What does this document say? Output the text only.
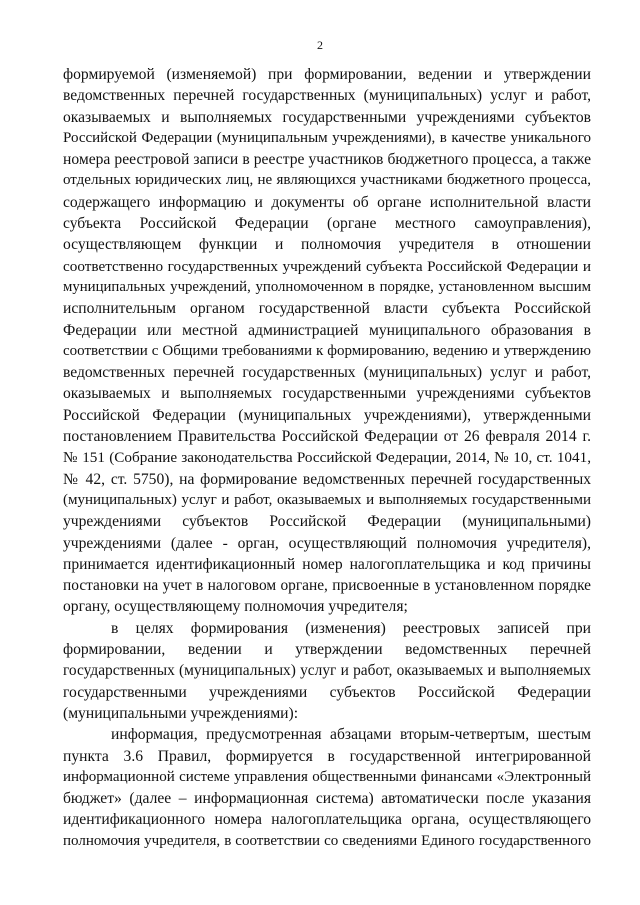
2

формируемой (изменяемой) при формировании, ведении и утверждении

ведомственных перечней государственных (муниципальных) услуг и работ,

оказываемых и выполняемых государственными учреждениями субъектов

Российской Федерации (муниципальным учреждениями), в качестве уникального

номера реестровой записи в реестре участников бюджетного процесса, а также

отдельных юридических лиц, не являющихся участниками бюджетного процесса,

содержащего информацию и документы об органе исполнительной власти

субъекта Российской Федерации (органе местного самоуправления),

осуществляющем функции и полномочия учредителя в отношении

соответственно государственных учреждений субъекта Российской Федерации и

муниципальных учреждений, уполномоченном в порядке, установленном высшим

исполнительным органом государственной власти субъекта Российской

Федерации или местной администрацией муниципального образования в

соответствии с Общими требованиями к формированию, ведению и утверждению

ведомственных перечней государственных (муниципальных) услуг и работ,

оказываемых и выполняемых государственными учреждениями субъектов

Российской Федерации (муниципальных учреждениями), утвержденными

постановлением Правительства Российской Федерации от 26 февраля 2014 г.

№ 151 (Собрание законодательства Российской Федерации, 2014, № 10, ст. 1041,

№ 42, ст. 5750), на формирование ведомственных перечней государственных

(муниципальных) услуг и работ, оказываемых и выполняемых государственными

учреждениями субъектов Российской Федерации (муниципальными)

учреждениями (далее - орган, осуществляющий полномочия учредителя),

принимается идентификационный номер налогоплательщика и код причины

постановки на учет в налоговом органе, присвоенные в установленном порядке

органу, осуществляющему полномочия учредителя;

в целях формирования (изменения) реестровых записей при

формировании, ведении и утверждении ведомственных перечней

государственных (муниципальных) услуг и работ, оказываемых и выполняемых

государственными учреждениями субъектов Российской Федерации

(муниципальными учреждениями):

информация, предусмотренная абзацами вторым-четвертым, шестым

пункта 3.6 Правил, формируется в государственной интегрированной

информационной системе управления общественными финансами «Электронный

бюджет» (далее – информационная система) автоматически после указания

идентификационного номера налогоплательщика органа, осуществляющего

полномочия учредителя, в соответствии со сведениями Единого государственного
